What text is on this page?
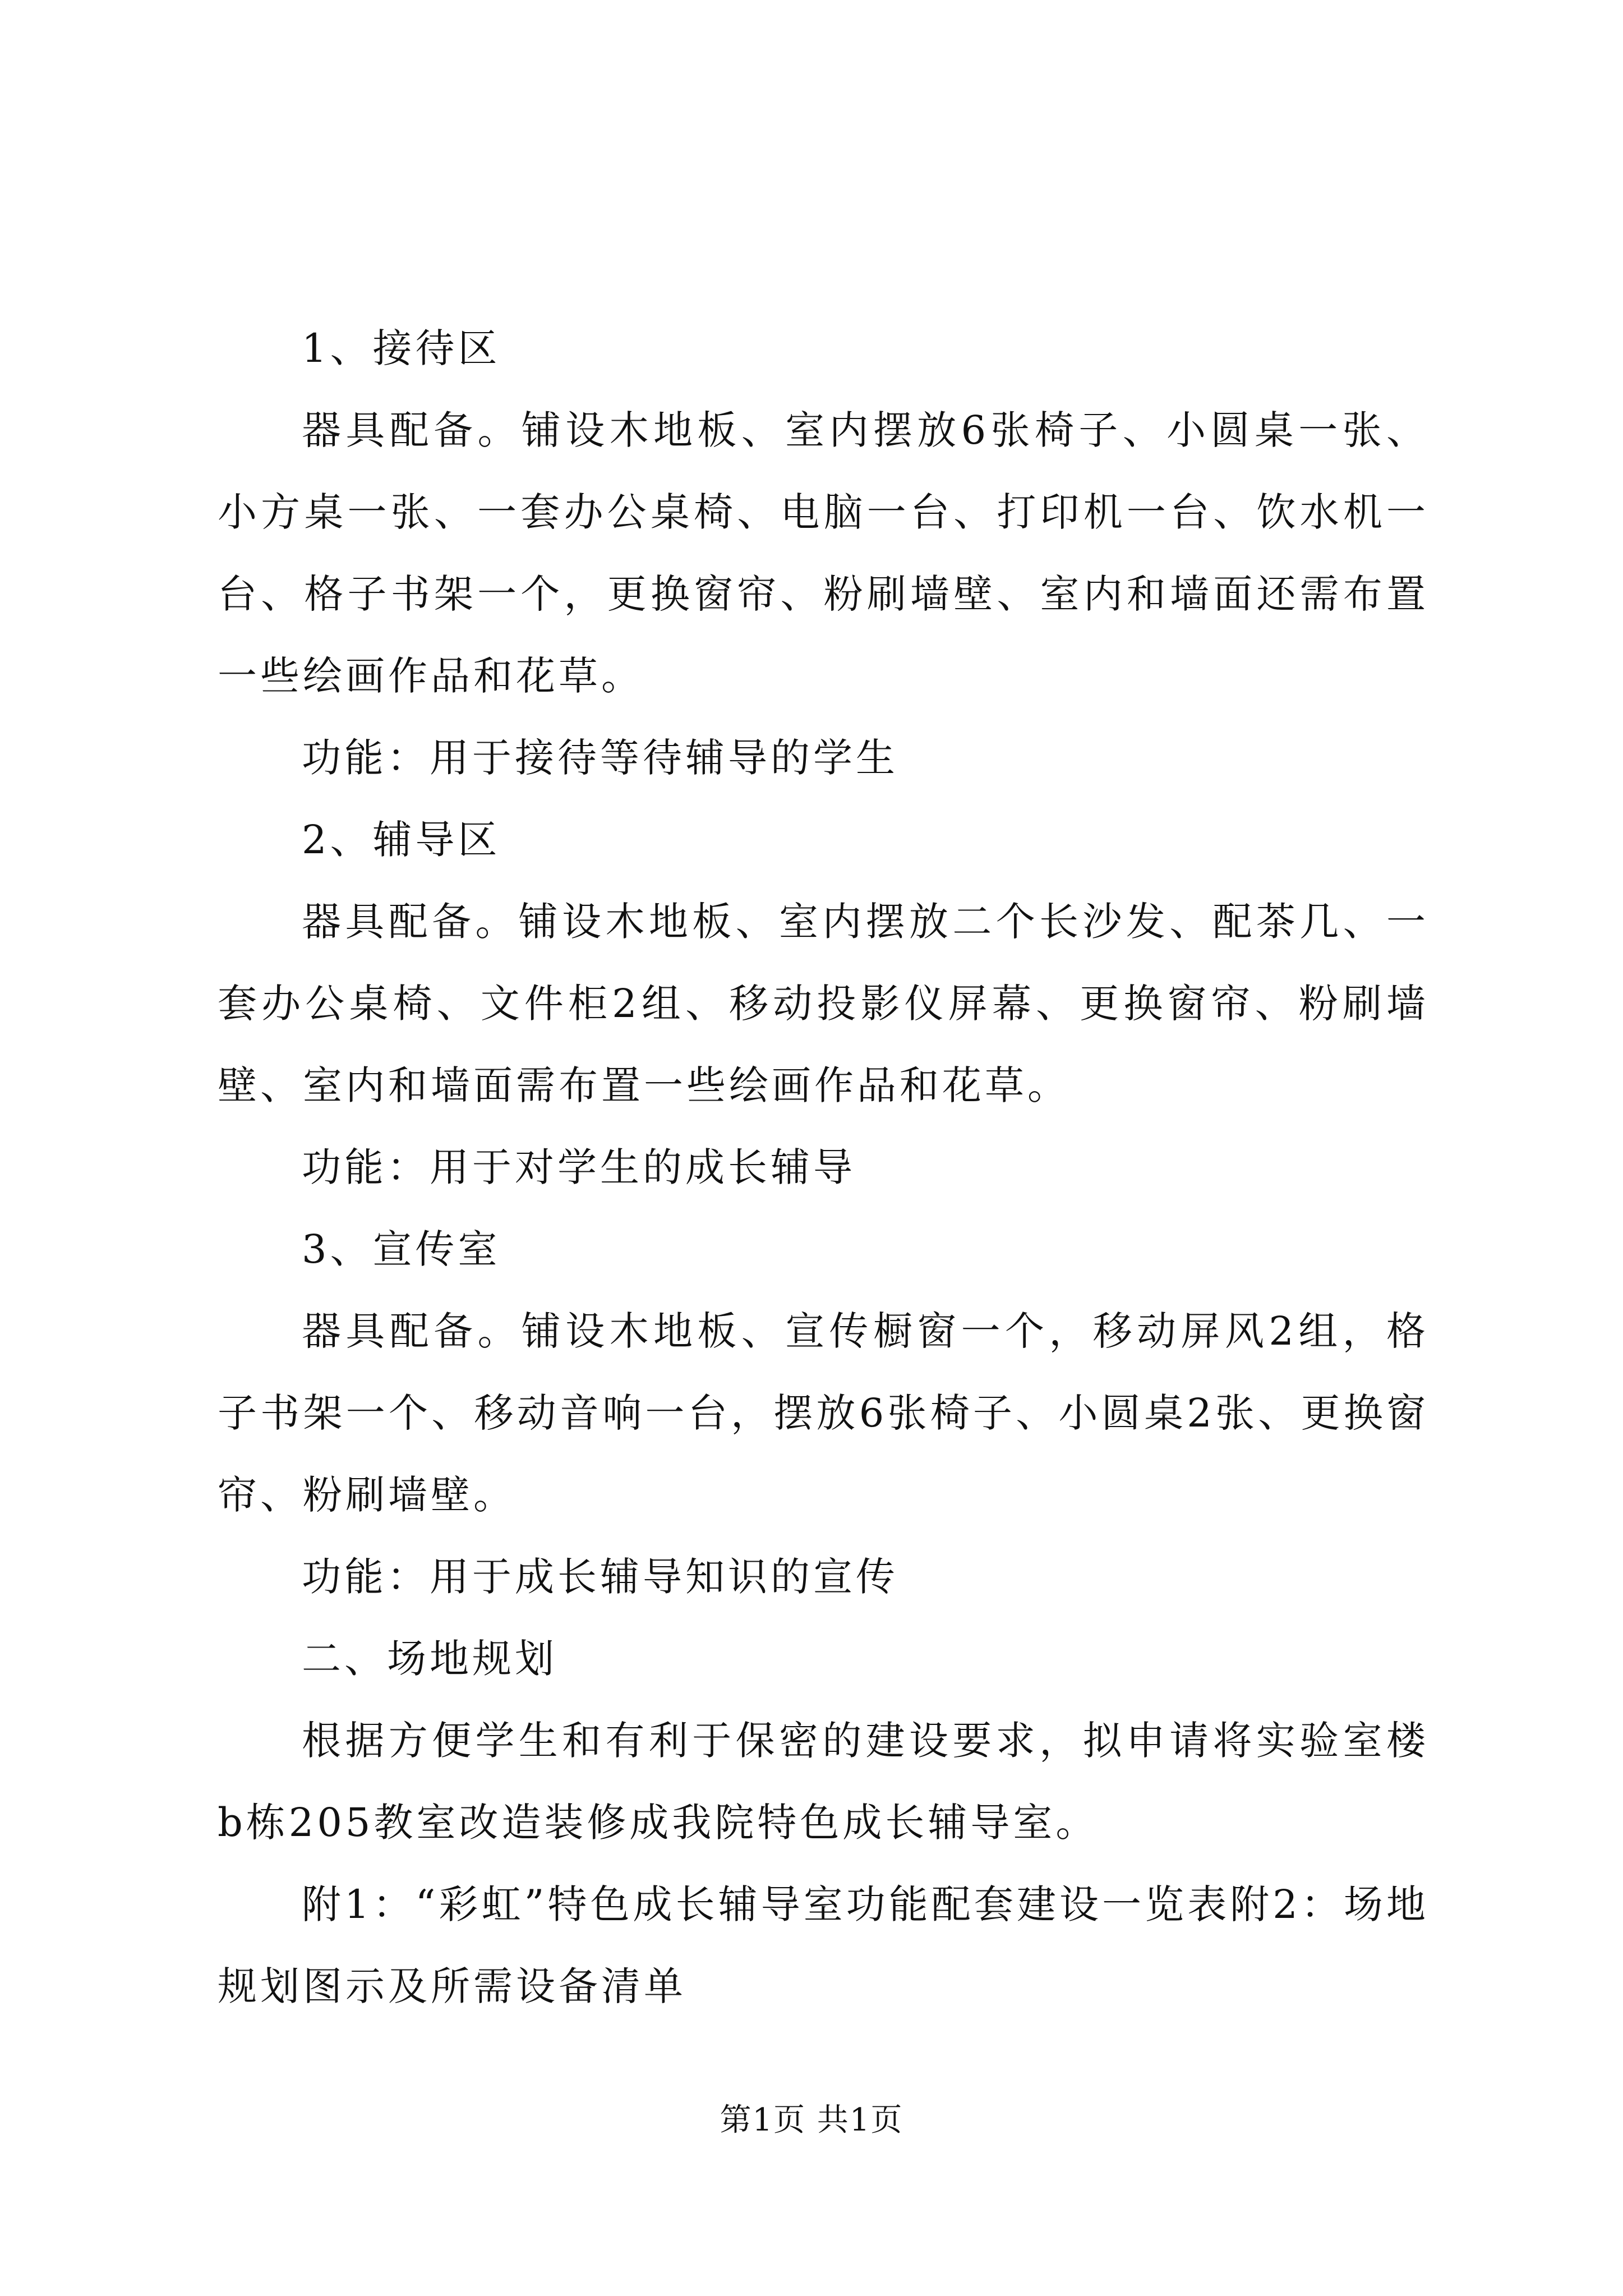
1、接待区

器具配备。铺设木地板、室内摆放6张椅子、小圆桌一张、小方桌一张、一套办公桌椅、电脑一台、打印机一台、饮水机一台、格子书架一个，更换窗帘、粉刷墙壁、室内和墙面还需布置一些绘画作品和花草。

功能：用于接待等待辅导的学生

2、辅导区

器具配备。铺设木地板、室内摆放二个长沙发、配茶几、一套办公桌椅、文件柜2组、移动投影仪屏幕、更换窗帘、粉刷墙壁、室内和墙面需布置一些绘画作品和花草。

功能：用于对学生的成长辅导

3、宣传室

器具配备。铺设木地板、宣传橱窗一个，移动屏风2组，格子书架一个、移动音响一台，摆放6张椅子、小圆桌2张、更换窗帘、粉刷墙壁。

功能：用于成长辅导知识的宣传

二、场地规划

根据方便学生和有利于保密的建设要求，拟申请将实验室楼b栋205教室改造装修成我院特色成长辅导室。

附1：“彩虹”特色成长辅导室功能配套建设一览表附2：场地规划图示及所需设备清单

第1页 共1页
